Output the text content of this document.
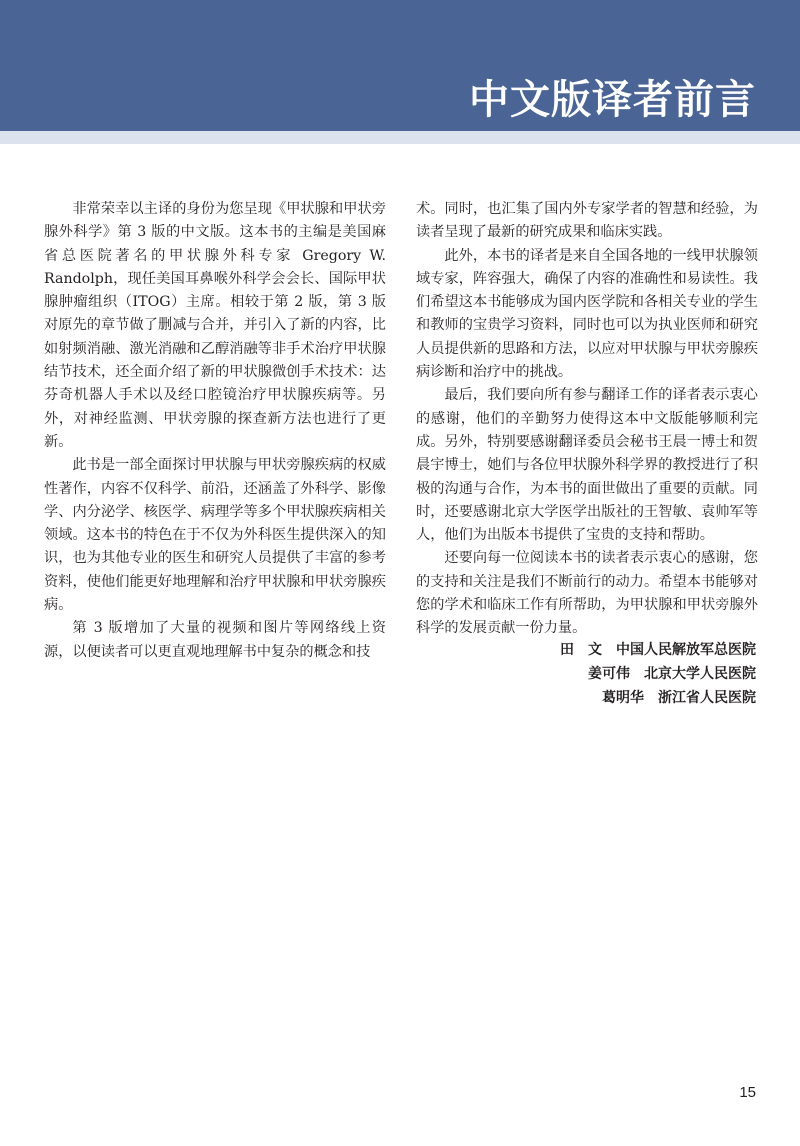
中文版译者前言

非常荣幸以主译的身份为您呈现《甲状腺和甲状旁腺外科学》第 3 版的中文版。这本书的主编是美国麻省总医院著名的甲状腺外科专家 Gregory W. Randolph，现任美国耳鼻喉外科学会会长、国际甲状腺肿瘤组织（ITOG）主席。相较于第 2 版，第 3 版对原先的章节做了删减与合并，并引入了新的内容，比如射频消融、激光消融和乙醇消融等非手术治疗甲状腺结节技术，还全面介绍了新的甲状腺微创手术技术：达芬奇机器人手术以及经口腔镜治疗甲状腺疾病等。另外，对神经监测、甲状旁腺的探查新方法也进行了更新。

此书是一部全面探讨甲状腺与甲状旁腺疾病的权威性著作，内容不仅科学、前沿，还涵盖了外科学、影像学、内分泌学、核医学、病理学等多个甲状腺疾病相关领域。这本书的特色在于不仅为外科医生提供深入的知识，也为其他专业的医生和研究人员提供了丰富的参考资料，使他们能更好地理解和治疗甲状腺和甲状旁腺疾病。

第 3 版增加了大量的视频和图片等网络线上资源，以便读者可以更直观地理解书中复杂的概念和技

术。同时，也汇集了国内外专家学者的智慧和经验，为读者呈现了最新的研究成果和临床实践。

此外，本书的译者是来自全国各地的一线甲状腺领域专家，阵容强大，确保了内容的准确性和易读性。我们希望这本书能够成为国内医学院和各相关专业的学生和教师的宝贵学习资料，同时也可以为执业医师和研究人员提供新的思路和方法，以应对甲状腺与甲状旁腺疾病诊断和治疗中的挑战。

最后，我们要向所有参与翻译工作的译者表示衷心的感谢，他们的辛勤努力使得这本中文版能够顺利完成。另外，特别要感谢翻译委员会秘书王晨一博士和贺晨宇博士，她们与各位甲状腺外科学界的教授进行了积极的沟通与合作，为本书的面世做出了重要的贡献。同时，还要感谢北京大学医学出版社的王智敏、袁帅军等人，他们为出版本书提供了宝贵的支持和帮助。

还要向每一位阅读本书的读者表示衷心的感谢，您的支持和关注是我们不断前行的动力。希望本书能够对您的学术和临床工作有所帮助，为甲状腺和甲状旁腺外科学的发展贡献一份力量。

田　文　中国人民解放军总医院
姜可伟　北京大学人民医院
葛明华　浙江省人民医院
15
